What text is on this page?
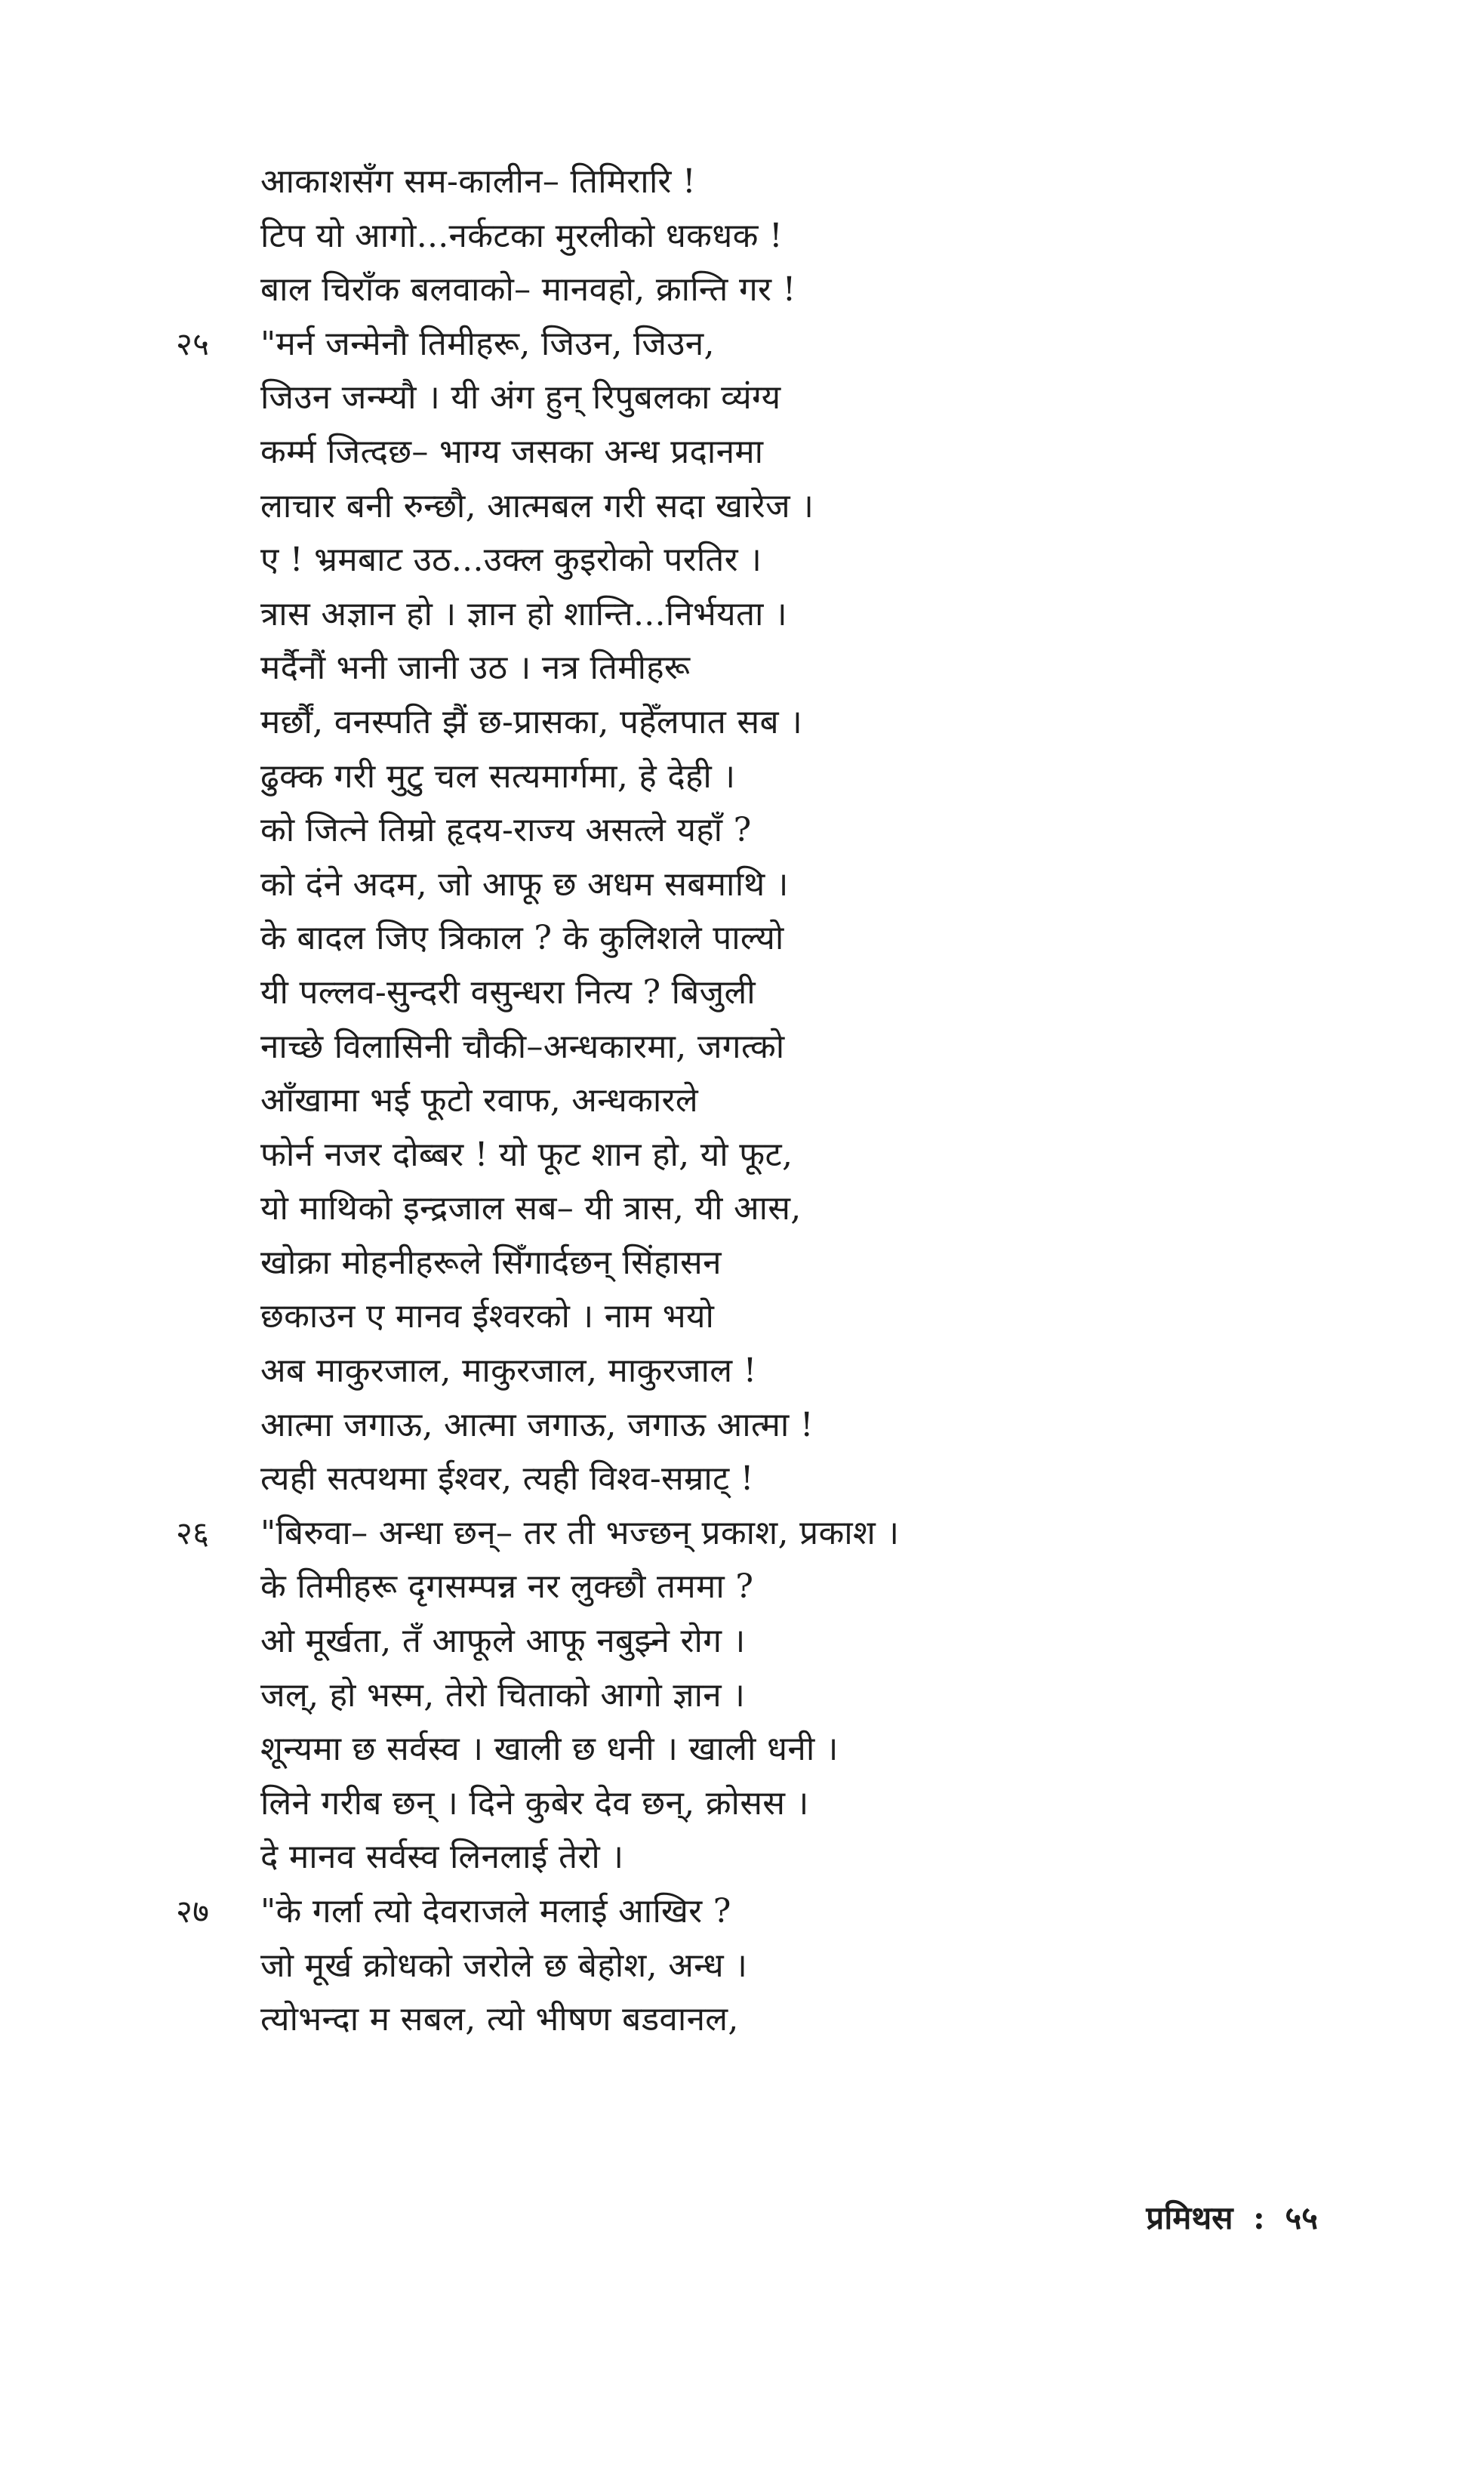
आकाशसँग सम-कालीन– तिमिरारि !
टिप यो आगो...नर्कटका मुरलीको धकधक !
बाल चिराँक बलवाको– मानवहो, क्रान्ति गर !
२५ "मर्न जन्मेनौ तिमीहरू, जिउन, जिउन,
जिउन जन्म्यौ । यी अंग हुन् रिपुबलका व्यंग्य
कर्म्म जित्दछ– भाग्य जसका अन्ध प्रदानमा
लाचार बनी रुन्छौ, आत्मबल गरी सदा खारेज ।
ए ! भ्रमबाट उठ...उक्ल कुइरोको परतिर ।
त्रास अज्ञान हो । ज्ञान हो शान्ति...निर्भयता ।
मर्दैनौं भनी जानी उठ । नत्र तिमीहरू
मर्छौं, वनस्पति झैं छ-प्रासका, पहेँलपात सब ।
ढुक्क गरी मुटु चल सत्यमार्गमा, हे देही ।
को जित्ने तिम्रो हृदय-राज्य असत्ले यहाँ ?
को दंने अदम, जो आफू छ अधम सबमाथि ।
के बादल जिए त्रिकाल ? के कुलिशले पाल्यो
यी पल्लव-सुन्दरी वसुन्धरा नित्य ? बिजुली
नाच्छे विलासिनी चौकी–अन्धकारमा, जगत्को
आँखामा भई फूटो रवाफ, अन्धकारले
फोर्न नजर दोब्बर ! यो फूट शान हो, यो फूट,
यो माथिको इन्द्रजाल सब– यी त्रास, यी आस,
खोक्रा मोहनीहरूले सिँगार्दछन् सिंहासन
छकाउन ए मानव ईश्वरको । नाम भयो
अब माकुरजाल, माकुरजाल, माकुरजाल !
आत्मा जगाऊ, आत्मा जगाऊ, जगाऊ आत्मा !
त्यही सत्पथमा ईश्वर, त्यही विश्व-सम्राट् !
२६ "बिरुवा– अन्धा छन्– तर ती भज्छन् प्रकाश, प्रकाश ।
के तिमीहरू दृगसम्पन्न नर लुक्छौ तममा ?
ओ मूर्खता, तँ आफूले आफू नबुझ्ने रोग ।
जल्, हो भस्म, तेरो चिताको आगो ज्ञान ।
शून्यमा छ सर्वस्व । खाली छ धनी । खाली धनी ।
लिने गरीब छन् । दिने कुबेर देव छन्, क्रोसस ।
दे मानव सर्वस्व लिनलाई तेरो ।
२७ "के गर्ला त्यो देवराजले मलाई आखिर ?
जो मूर्ख क्रोधको जरोले छ बेहोश, अन्ध ।
त्योभन्दा म सबल, त्यो भीषण बडवानल,
प्रमिथस : ५५
